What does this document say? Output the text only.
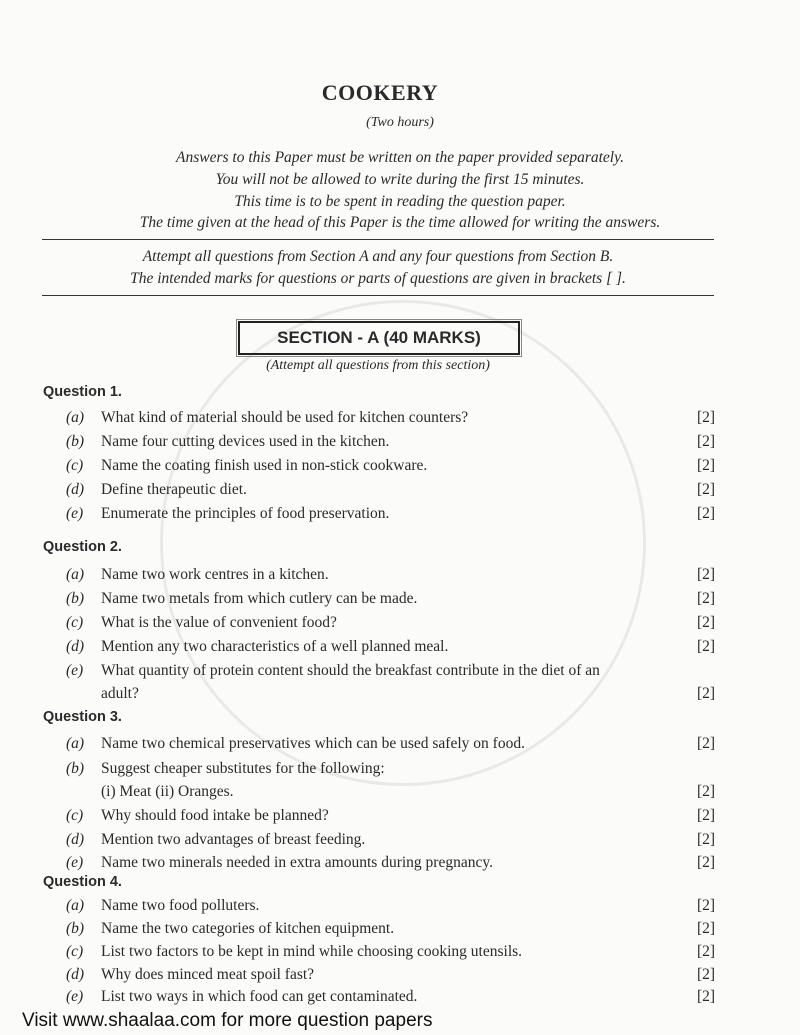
COOKERY
(Two hours)
Answers to this Paper must be written on the paper provided separately.
You will not be allowed to write during the first 15 minutes.
This time is to be spent in reading the question paper.
The time given at the head of this Paper is the time allowed for writing the answers.
Attempt all questions from Section A and any four questions from Section B.
The intended marks for questions or parts of questions are given in brackets [ ].
SECTION - A (40 MARKS)
(Attempt all questions from this section)
Question 1.
(a) What kind of material should be used for kitchen counters?	[2]
(b) Name four cutting devices used in the kitchen.	[2]
(c) Name the coating finish used in non-stick cookware.	[2]
(d) Define therapeutic diet.	[2]
(e) Enumerate the principles of food preservation.	[2]
Question 2.
(a) Name two work centres in a kitchen.	[2]
(b) Name two metals from which cutlery can be made.	[2]
(c) What is the value of convenient food?	[2]
(d) Mention any two characteristics of a well planned meal.	[2]
(e) What quantity of protein content should the breakfast contribute in the diet of an
adult?	[2]
Question 3.
(a) Name two chemical preservatives which can be used safely on food.	[2]
(b) Suggest cheaper substitutes for the following:
(i) Meat (ii) Oranges.	[2]
(c) Why should food intake be planned?	[2]
(d) Mention two advantages of breast feeding.	[2]
(e) Name two minerals needed in extra amounts during pregnancy.	[2]
Question 4.
(a) Name two food polluters.	[2]
(b) Name the two categories of kitchen equipment.	[2]
(c) List two factors to be kept in mind while choosing cooking utensils.	[2]
(d) Why does minced meat spoil fast?	[2]
(e) List two ways in which food can get contaminated.	[2]
Visit www.shaalaa.com for more question papers
